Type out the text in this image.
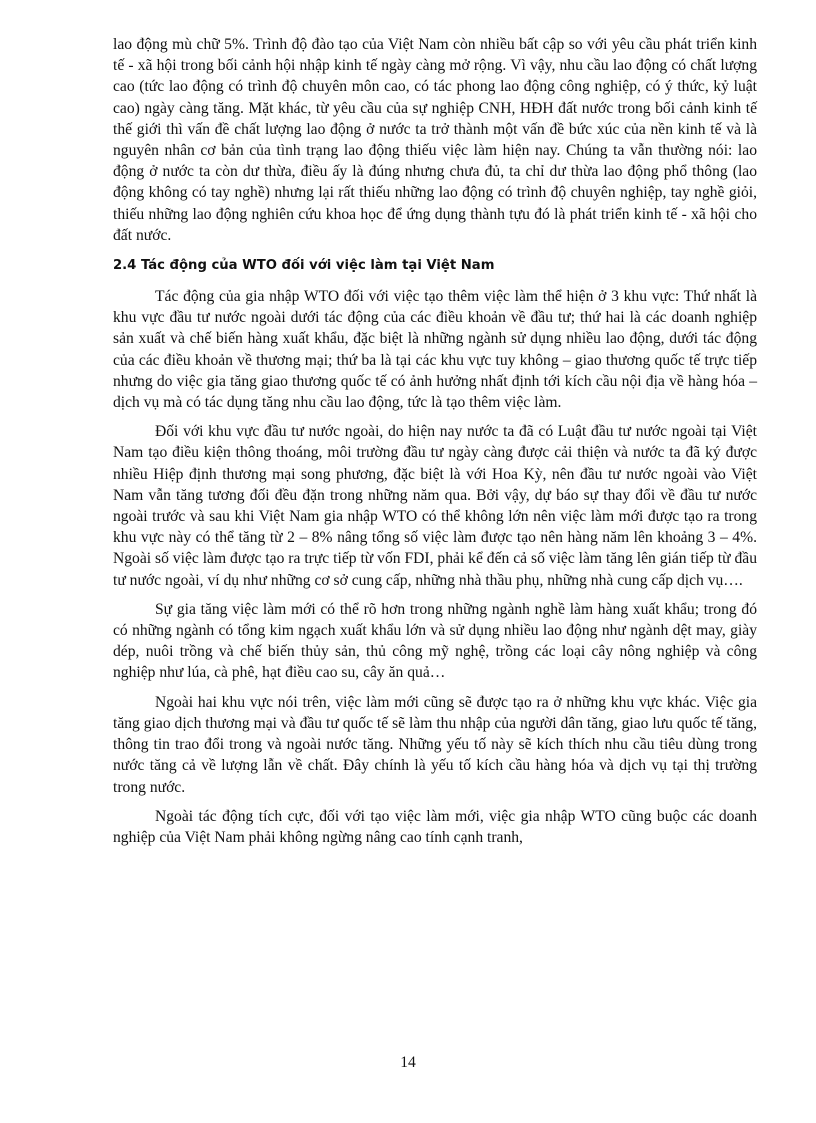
lao động mù chữ 5%. Trình độ đào tạo của Việt Nam còn nhiều bất cập so với yêu cầu phát triển kinh tế - xã hội trong bối cảnh hội nhập kinh tế ngày càng mở rộng. Vì vậy, nhu cầu lao động có chất lượng cao (tức lao động có trình độ chuyên môn cao, có tác phong lao động công nghiệp, có ý thức, kỷ luật cao) ngày càng tăng. Mặt khác, từ yêu cầu của sự nghiệp CNH, HĐH đất nước trong bối cảnh kinh tế thế giới thì vấn đề chất lượng lao động ở nước ta trở thành một vấn đề bức xúc của nền kinh tế và là nguyên nhân cơ bản của tình trạng lao động thiếu việc làm hiện nay. Chúng ta vẫn thường nói: lao động ở nước ta còn dư thừa, điều ấy là đúng nhưng chưa đủ, ta chỉ dư thừa lao động phổ thông (lao động không có tay nghề) nhưng lại rất thiếu những lao động có trình độ chuyên nghiệp, tay nghề giỏi, thiếu những lao động nghiên cứu khoa học để ứng dụng thành tựu đó là phát triển kinh tế - xã hội cho đất nước.

2.4 Tác động của WTO đối với việc làm tại Việt Nam

Tác động của gia nhập WTO đối với việc tạo thêm việc làm thể hiện ở 3 khu vực: Thứ nhất là khu vực đầu tư nước ngoài dưới tác động của các điều khoản về đầu tư; thứ hai là các doanh nghiệp sản xuất và chế biến hàng xuất khẩu, đặc biệt là những ngành sử dụng nhiều lao động, dưới tác động của các điều khoản về thương mại; thứ ba là tại các khu vực tuy không – giao thương quốc tế trực tiếp nhưng do việc gia tăng giao thương quốc tế có ảnh hưởng nhất định tới kích cầu nội địa về hàng hóa – dịch vụ mà có tác dụng tăng nhu cầu lao động, tức là tạo thêm việc làm.

Đối với khu vực đầu tư nước ngoài, do hiện nay nước ta đã có Luật đầu tư nước ngoài tại Việt Nam tạo điều kiện thông thoáng, môi trường đầu tư ngày càng được cải thiện và nước ta đã ký được nhiều Hiệp định thương mại song phương, đặc biệt là với Hoa Kỳ, nên đầu tư nước ngoài vào Việt Nam vẫn tăng tương đối đều đặn trong những năm qua. Bởi vậy, dự báo sự thay đổi về đầu tư nước ngoài trước và sau khi Việt Nam gia nhập WTO có thể không lớn nên việc làm mới được tạo ra trong khu vực này có thể tăng từ 2 – 8% nâng tổng số việc làm được tạo nên hàng năm lên khoảng 3 – 4%. Ngoài số việc làm được tạo ra trực tiếp từ vốn FDI, phải kể đến cả số việc làm tăng lên gián tiếp từ đầu tư nước ngoài, ví dụ như những cơ sở cung cấp, những nhà thầu phụ, những nhà cung cấp dịch vụ….

Sự gia tăng việc làm mới có thể rõ hơn trong những ngành nghề làm hàng xuất khẩu; trong đó có những ngành có tổng kim ngạch xuất khẩu lớn và sử dụng nhiều lao động như ngành dệt may, giày dép, nuôi trồng và chế biến thủy sản, thủ công mỹ nghệ, trồng các loại cây nông nghiệp và công nghiệp như lúa, cà phê, hạt điều cao su, cây ăn quả…

Ngoài hai khu vực nói trên, việc làm mới cũng sẽ được tạo ra ở những khu vực khác. Việc gia tăng giao dịch thương mại và đầu tư quốc tế sẽ làm thu nhập của người dân tăng, giao lưu quốc tế tăng, thông tin trao đổi trong và ngoài nước tăng. Những yếu tố này sẽ kích thích nhu cầu tiêu dùng trong nước tăng cả về lượng lẫn về chất. Đây chính là yếu tố kích cầu hàng hóa và dịch vụ tại thị trường trong nước.

Ngoài tác động tích cực, đối với tạo việc làm mới, việc gia nhập WTO cũng buộc các doanh nghiệp của Việt Nam phải không ngừng nâng cao tính cạnh tranh,

14
